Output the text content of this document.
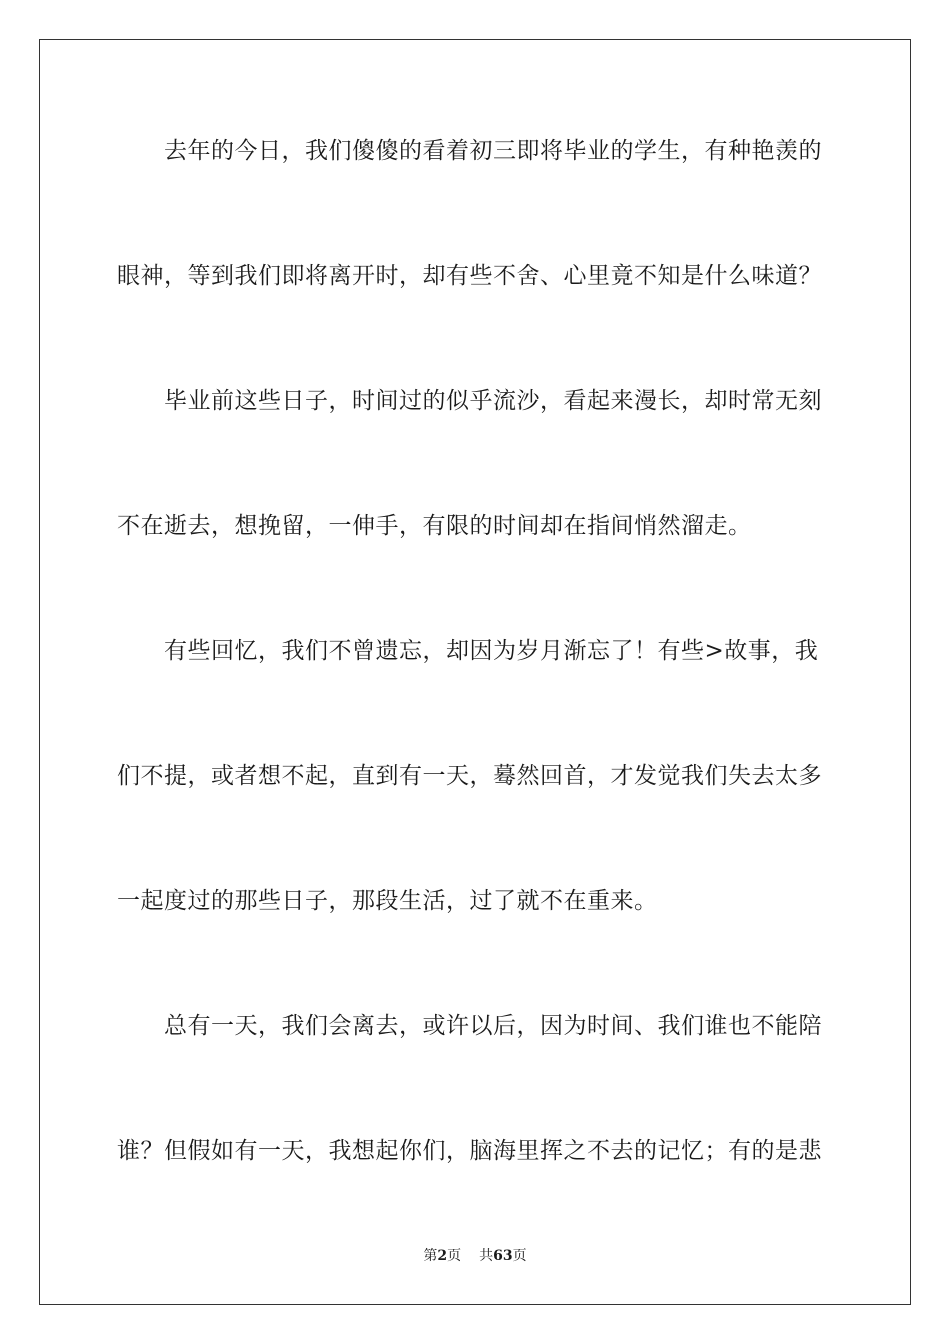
去年的今日，我们傻傻的看着初三即将毕业的学生，有种艳羡的
眼神，等到我们即将离开时，却有些不舍、心里竟不知是什么味道？
毕业前这些日子，时间过的似乎流沙，看起来漫长，却时常无刻
不在逝去，想挽留，一伸手，有限的时间却在指间悄然溜走。
有些回忆，我们不曾遗忘，却因为岁月渐忘了！有些>故事，我
们不提，或者想不起，直到有一天，蓦然回首，才发觉我们失去太多
一起度过的那些日子，那段生活，过了就不在重来。
总有一天，我们会离去，或许以后，因为时间、我们谁也不能陪
谁？但假如有一天，我想起你们，脑海里挥之不去的记忆；有的是悲
第2页 共63页
